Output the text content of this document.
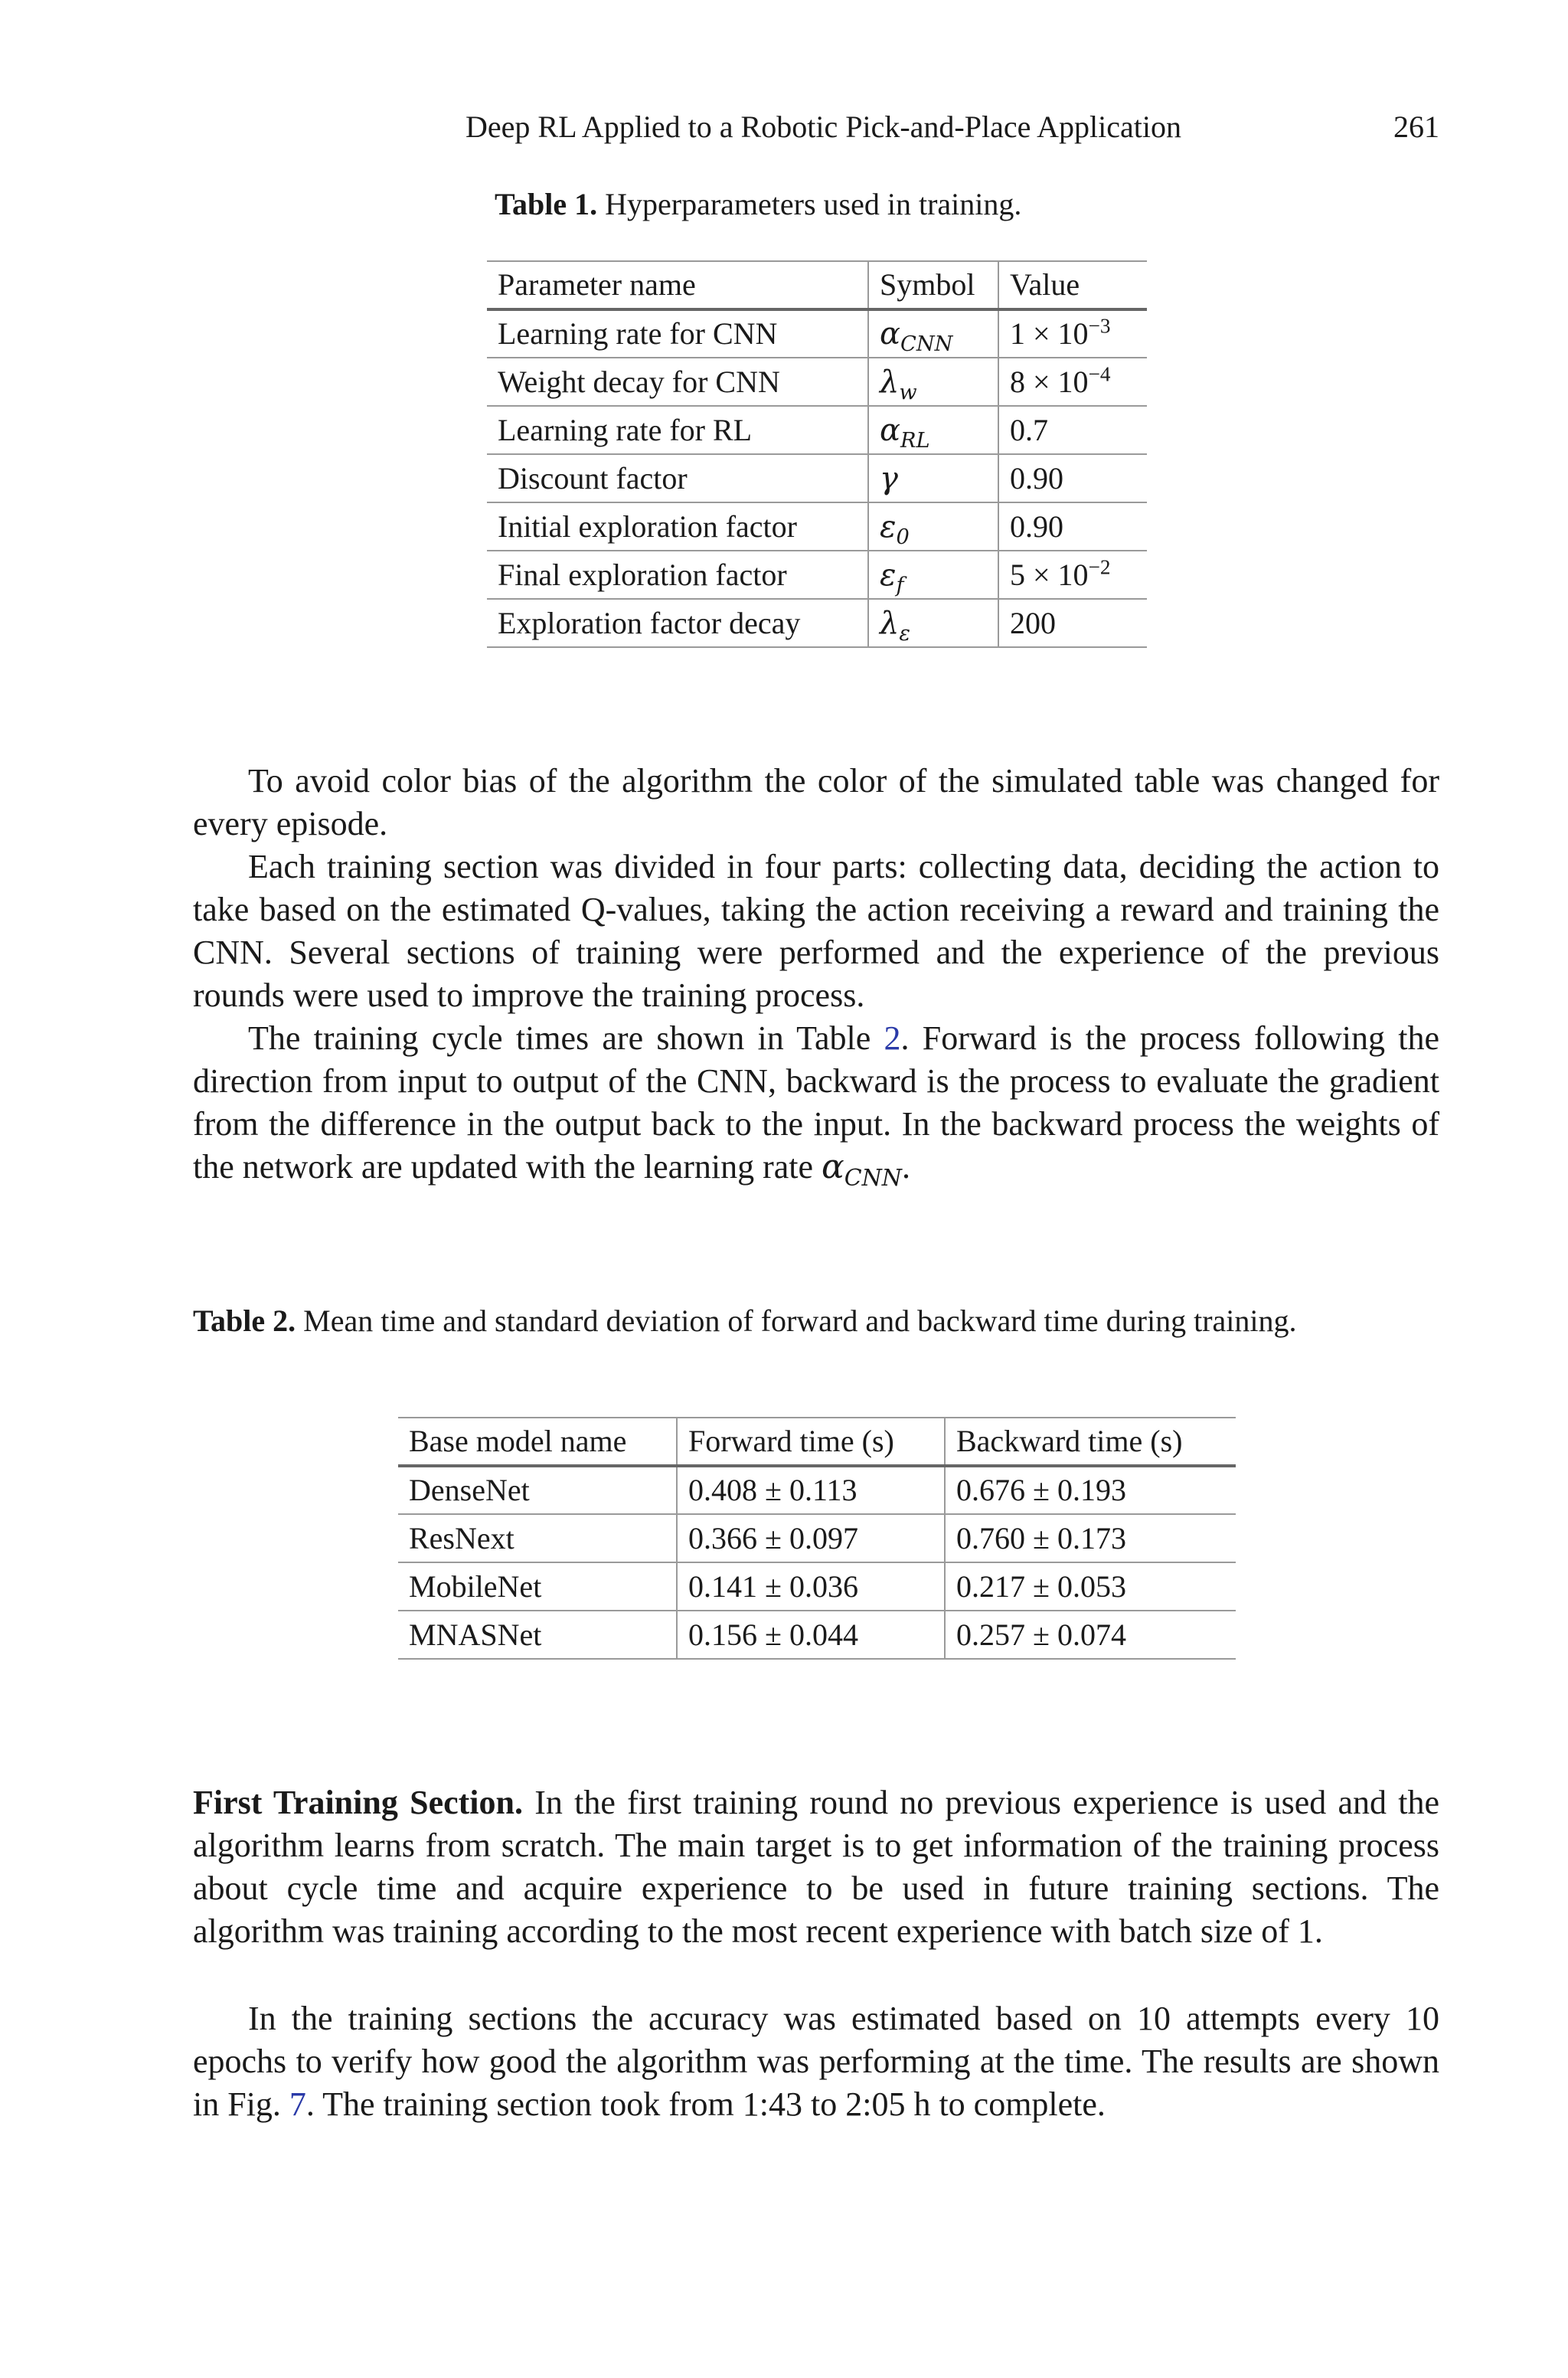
Deep RL Applied to a Robotic Pick-and-Place Application	261
Table 1. Hyperparameters used in training.
Parameter name	Symbol	Value
Learning rate for CNN	$\alpha_{CNN}$	$1 \times 10^{-3}$
Weight decay for CNN	$\lambda_w$	$8 \times 10^{-4}$
Learning rate for RL	$\alpha_{RL}$	0.7
Discount factor	γ	0.90
Initial exploration factor	$\varepsilon_0$	0.90
Final exploration factor	$\varepsilon_f$	$5 \times 10^{-2}$
Exploration factor decay	$\lambda_\varepsilon$	200

To avoid color bias of the algorithm the color of the simulated table was changed for every episode.

Each training section was divided in four parts: collecting data, deciding the action to take based on the estimated Q-values, taking the action receiving a reward and training the CNN. Several sections of training were performed and the experience of the previous rounds were used to improve the training process.

The training cycle times are shown in Table 2. Forward is the process following the direction from input to output of the CNN, backward is the process to evaluate the gradient from the difference in the output back to the input. In the backward process the weights of the network are updated with the learning rate $\alpha_{CNN}$.

Table 2. Mean time and standard deviation of forward and backward time during training.
Base model name	Forward time (s)	Backward time (s)
DenseNet	0.408 ± 0.113	0.676 ± 0.193
ResNext	0.366 ± 0.097	0.760 ± 0.173
MobileNet	0.141 ± 0.036	0.217 ± 0.053
MNASNet	0.156 ± 0.044	0.257 ± 0.074

First Training Section. In the first training round no previous experience is used and the algorithm learns from scratch. The main target is to get information of the training process about cycle time and acquire experience to be used in future training sections. The algorithm was training according to the most recent experience with batch size of 1.

In the training sections the accuracy was estimated based on 10 attempts every 10 epochs to verify how good the algorithm was performing at the time. The results are shown in Fig. 7. The training section took from 1:43 to 2:05 h to complete.
